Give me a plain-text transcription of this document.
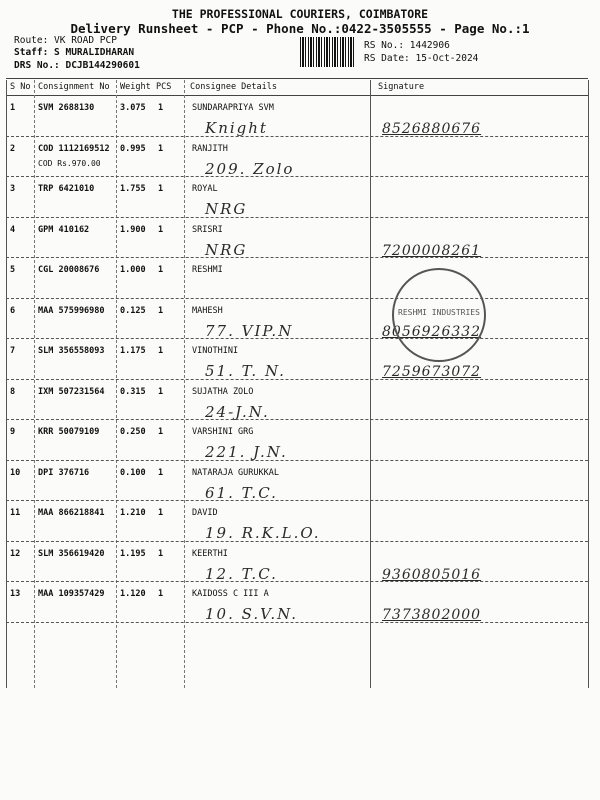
THE PROFESSIONAL COURIERS, COIMBATORE
Delivery Runsheet - PCP - Phone No.:0422-3505555 - Page No.:1
Route: VK ROAD PCP
Staff: S MURALIDHARAN
DRS No.: DCJB144290601
RS No.: 1442906
RS Date: 15-Oct-2024
S No Consignment No Weight PCS Consignee Details	Signature
1	SVM 2688130	3.075 1	SUNDARAPRIYA SVM
Knight	8526880676
2	COD 1112169512 0.995 1	RANJITH
COD Rs.970.00	209. Zolo
3	TRP 6421010	1.755 1	ROYAL
NRG
4	GPM 410162	1.900 1	SRISRI
NRG	7200008261
5	CGL 20008676 1.000 1	RESHMI
6	MAA 575996980 0.125 1	MAHESH
77. VIP.N	8056926332
7	SLM 356558093 1.175 1	VINOTHINI
51. T. N.	7259673072
8	IXM 507231564 0.315 1	SUJATHA ZOLO
24-J.N.
9	KRR 50079109 0.250 1	VARSHINI GRG
221. J.N.
10 DPI 376716	0.100 1	NATARAJA GURUKKAL
61. T.C.
11 MAA 866218841 1.210 1	DAVID
19. R.K.L.O.
12 SLM 356619420 1.195 1	KEERTHI
12. T.C.	9360805016
13 MAA 109357429 1.120 1	KAIDOSS C III A
10. S.V.N.	7373802000
RESHMI INDUSTRIES
